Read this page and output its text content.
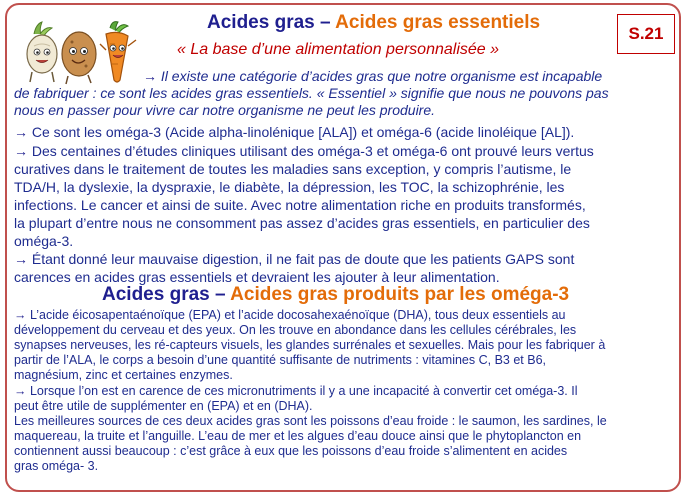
Acides gras – Acides gras essentiels
S.21
« La base d’une alimentation personnalisée »
→ Il existe une catégorie d’acides gras que notre organisme est incapable
de fabriquer : ce sont les acides gras essentiels. « Essentiel » signifie que nous ne pouvons pas
nous en passer pour vivre car notre organisme ne peut les produire.
→ Ce sont les oméga-3 (Acide alpha-linolénique [ALA]) et oméga-6 (acide linoléique [AL]).
→ Des centaines d’études cliniques utilisant des oméga-3 et oméga-6 ont prouvé leurs vertus
curatives dans le traitement de toutes les maladies sans exception, y compris l’autisme, le
TDA/H, la dyslexie, la dyspraxie, le diabète, la dépression, les TOC, la schizophrénie, les
infections. Le cancer et ainsi de suite. Avec notre alimentation riche en produits transformés,
la plupart d’entre nous ne consomment pas assez d’acides gras essentiels, en particulier des
oméga-3.
→ Étant donné leur mauvaise digestion, il ne fait pas de doute que les patients GAPS sont
carences en acides gras essentiels et devraient les ajouter à leur alimentation.
Acides gras – Acides gras produits par les oméga-3
→ L’acide éicosapentaénoïque (EPA) et l’acide docosahexaénoïque (DHA), tous deux essentiels au
développement du cerveau et des yeux. On les trouve en abondance dans les cellules cérébrales, les
synapses nerveuses, les ré-capteurs visuels, les glandes surrénales et sexuelles. Mais pour les fabriquer à
partir de l’ALA, le corps a besoin d’une quantité suffisante de nutriments : vitamines C, B3 et B6,
magnésium, zinc et certaines enzymes.
→ Lorsque l’on est en carence de ces micronutriments il y a une incapacité à convertir cet oméga-3. Il
peut être utile de supplémenter en (EPA) et en (DHA).
Les meilleures sources de ces deux acides gras sont les poissons d’eau froide : le saumon, les sardines, le
maquereau, la truite et l’anguille. L’eau de mer et les algues d’eau douce ainsi que le phytoplancton en
contiennent aussi beaucoup : c’est grâce à eux que les poissons d’eau froide s’alimentent en acides
gras oméga- 3.
